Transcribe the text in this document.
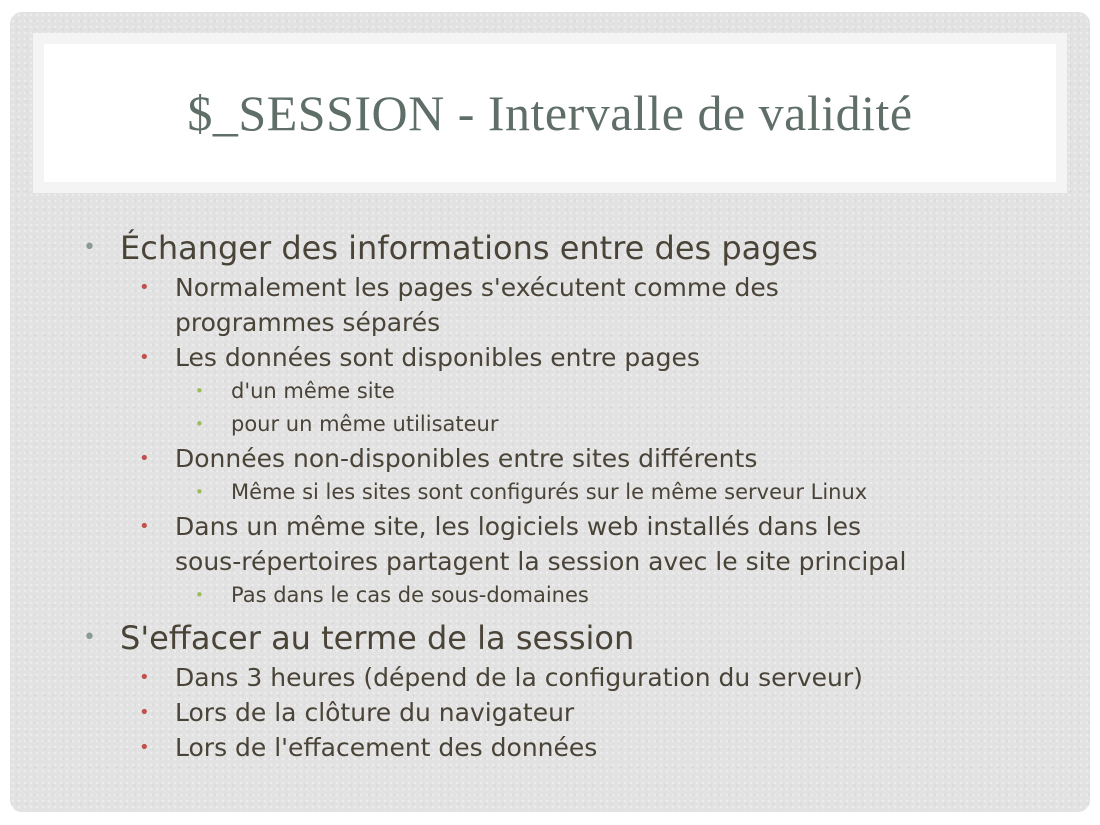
$_SESSION - Intervalle de validité
• Échanger des informations entre des pages
• Normalement les pages s'exécutent comme des
programmes séparés
• Les données sont disponibles entre pages
• d'un même site
• pour un même utilisateur
• Données non-disponibles entre sites différents
• Même si les sites sont configurés sur le même serveur Linux
• Dans un même site, les logiciels web installés dans les
sous-répertoires partagent la session avec le site principal
• Pas dans le cas de sous-domaines
• S'effacer au terme de la session
• Dans 3 heures (dépend de la configuration du serveur)
• Lors de la clôture du navigateur
• Lors de l'effacement des données
